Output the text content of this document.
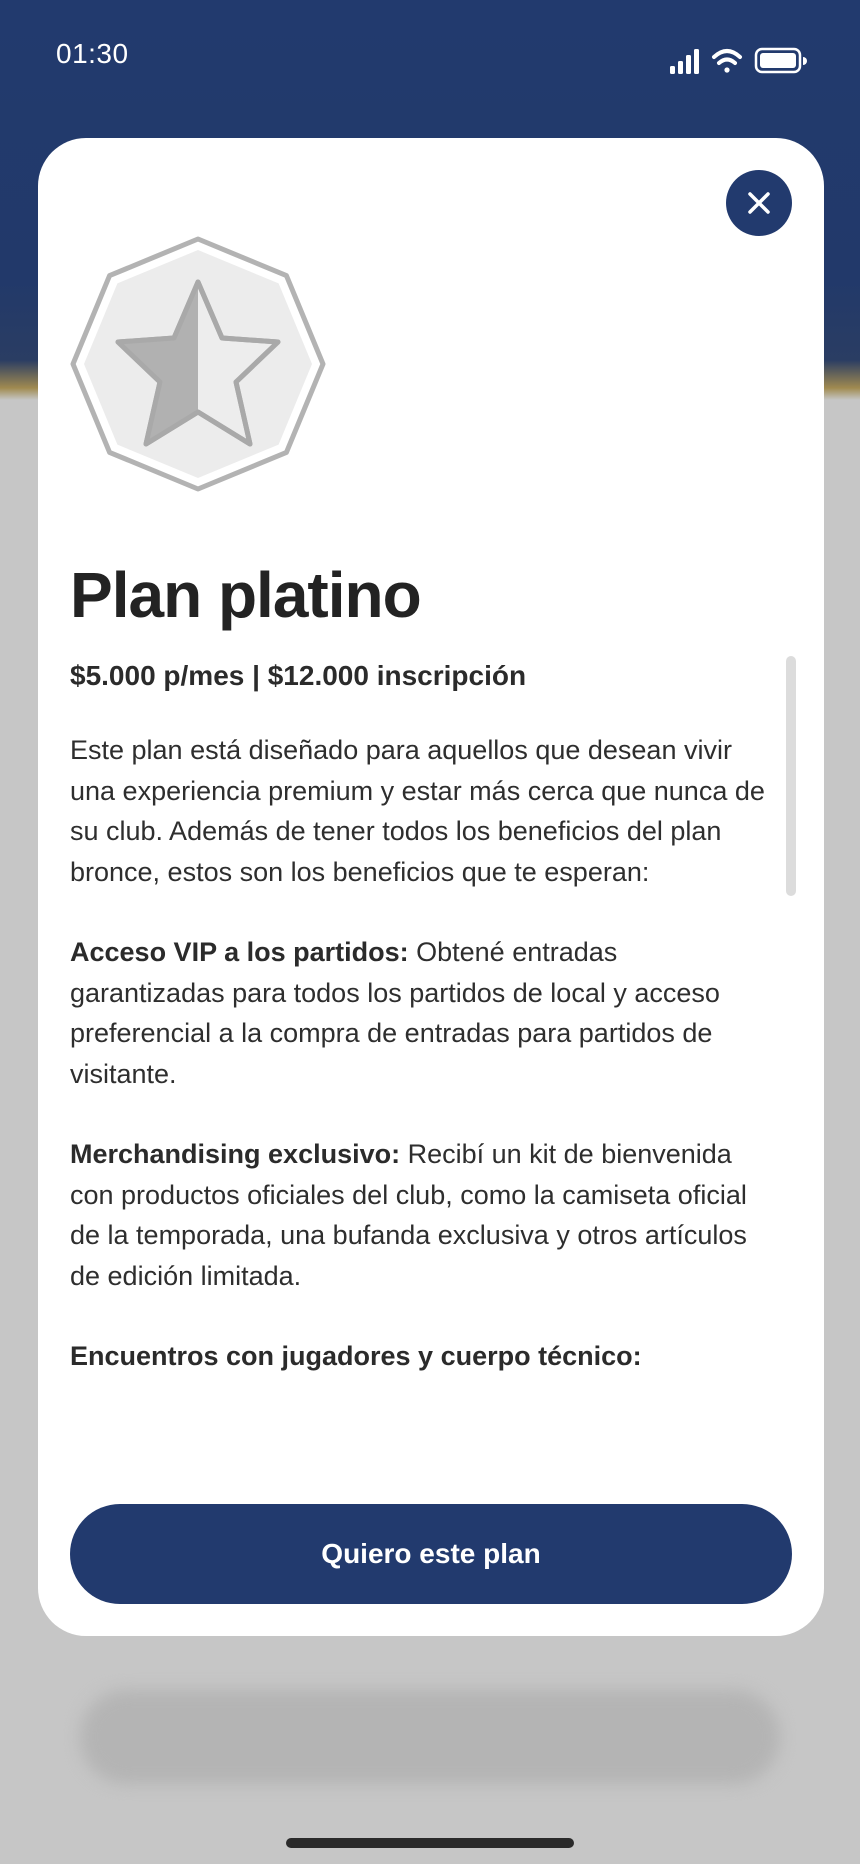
01:30
Plan platino
$5.000 p/mes | $12.000 inscripción

Este plan está diseñado para aquellos que desean vivir una experiencia premium y estar más cerca que nunca de su club. Además de tener todos los beneficios del plan bronce, estos son los beneficios que te esperan:

Acceso VIP a los partidos: Obtené entradas garantizadas para todos los partidos de local y acceso preferencial a la compra de entradas para partidos de visitante.

Merchandising exclusivo: Recibí un kit de bienvenida con productos oficiales del club, como la camiseta oficial de la temporada, una bufanda exclusiva y otros artículos de edición limitada.

Encuentros con jugadores y cuerpo técnico:

Quiero este plan
